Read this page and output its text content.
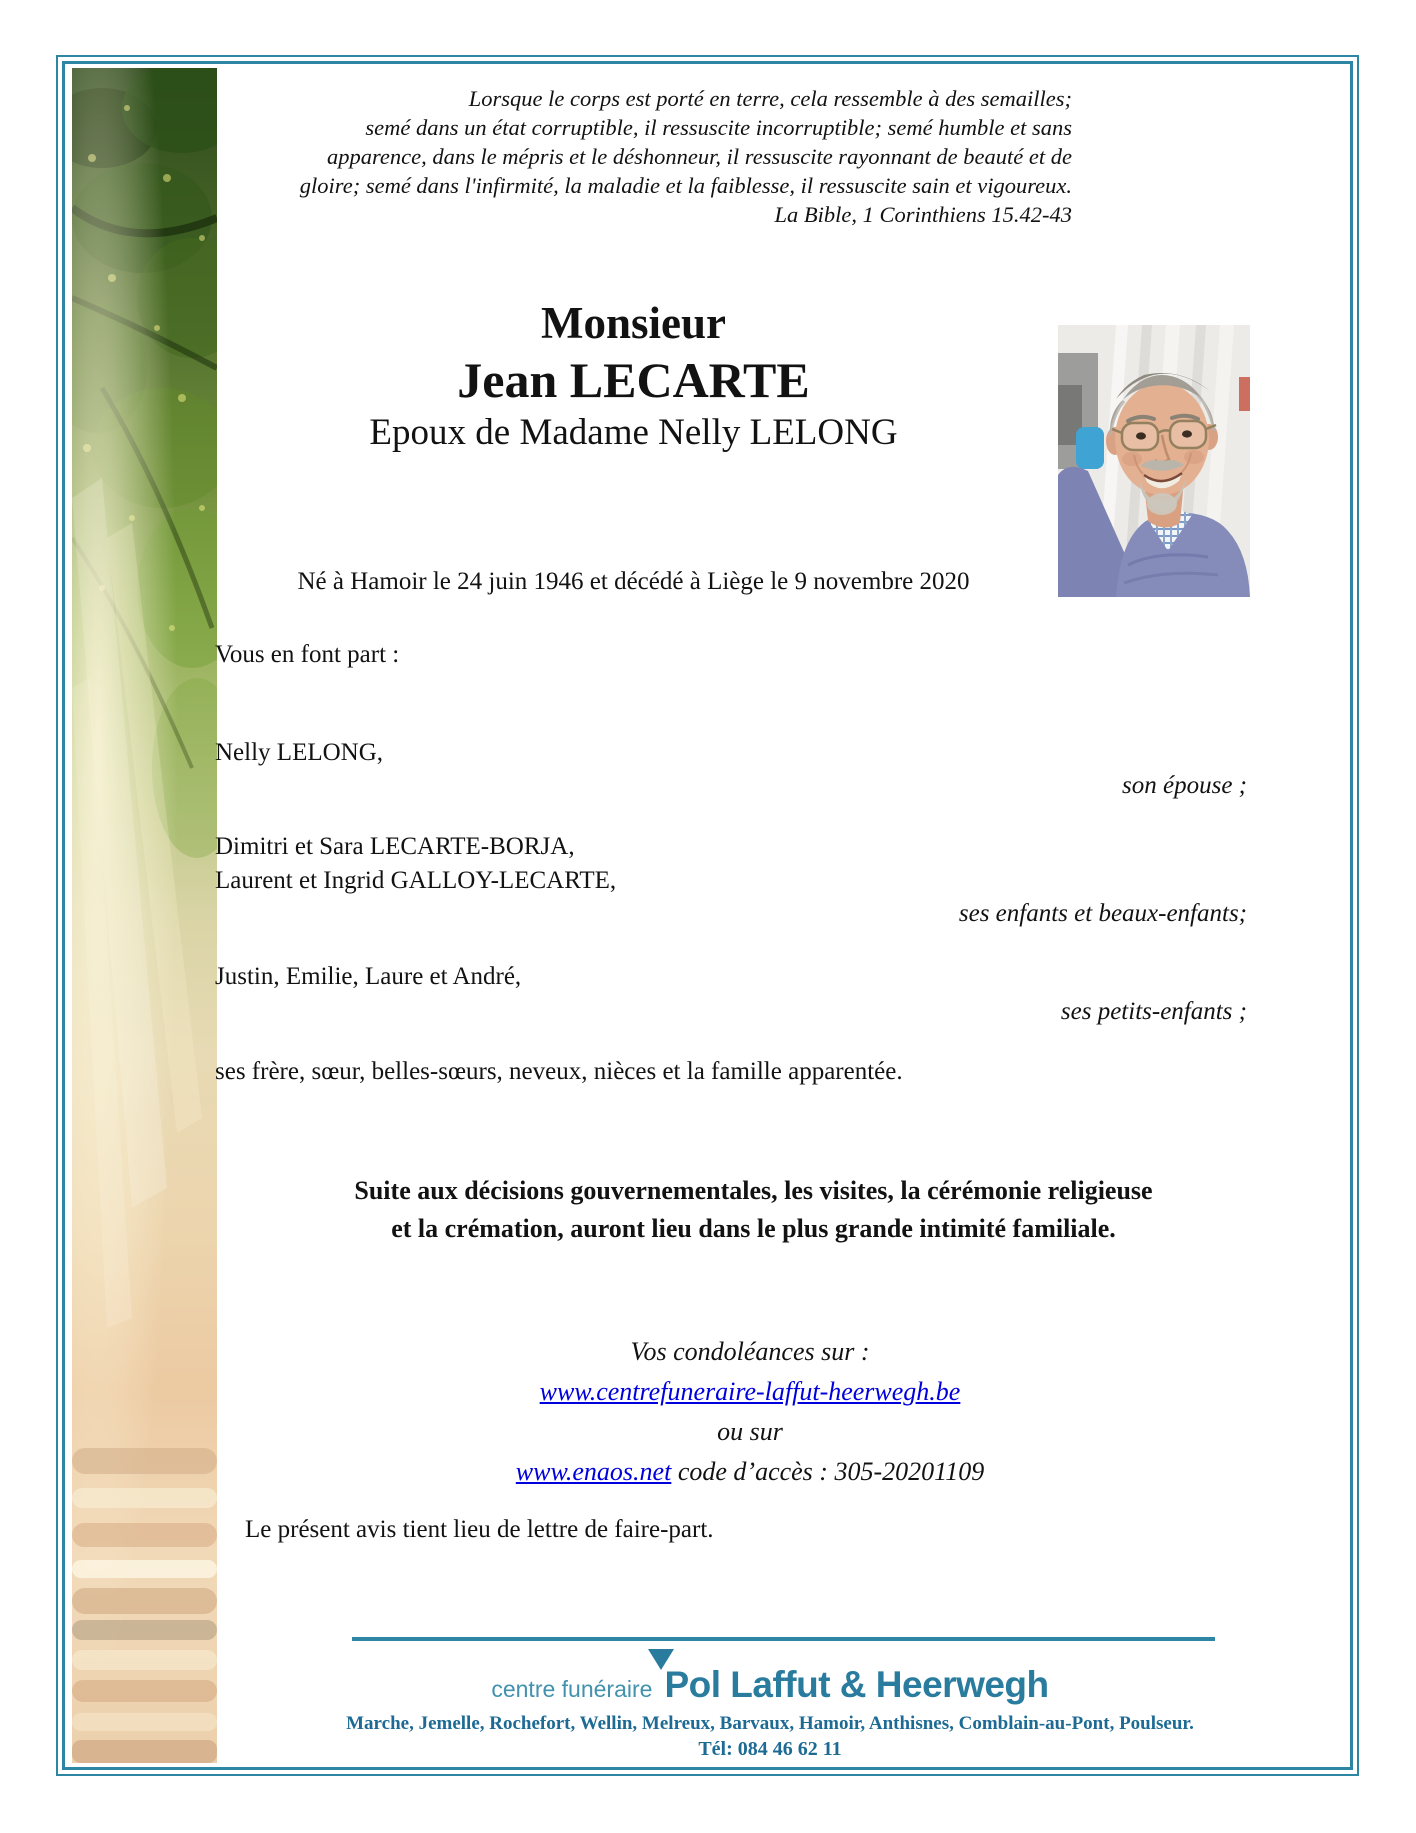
Lorsque le corps est porté en terre, cela ressemble à des semailles;
semé dans un état corruptible, il ressuscite incorruptible; semé humble et sans
apparence, dans le mépris et le déshonneur, il ressuscite rayonnant de beauté et de
gloire; semé dans l'infirmité, la maladie et la faiblesse, il ressuscite sain et vigoureux.
La Bible, 1 Corinthiens 15.42-43
Monsieur
Jean LECARTE
Epoux de Madame Nelly LELONG
Né à Hamoir le 24 juin 1946 et décédé à Liège le 9 novembre 2020
Vous en font part :
Nelly LELONG,
son épouse ;
Dimitri et Sara LECARTE-BORJA,
Laurent et Ingrid GALLOY-LECARTE,
ses enfants et beaux-enfants;
Justin, Emilie, Laure et André,
ses petits-enfants ;
ses frère, sœur, belles-sœurs, neveux, nièces et la famille apparentée.
Suite aux décisions gouvernementales, les visites, la cérémonie religieuse
et la crémation, auront lieu dans le plus grande intimité familiale.
Vos condoléances sur :
www.centrefuneraire-laffut-heerwegh.be
ou sur
www.enaos.net code d’accès : 305-20201109
Le présent avis tient lieu de lettre de faire-part.
centre funéraire Pol Laffut & Heerwegh
Marche, Jemelle, Rochefort, Wellin, Melreux, Barvaux, Hamoir, Anthisnes, Comblain-au-Pont, Poulseur.
Tél: 084 46 62 11
